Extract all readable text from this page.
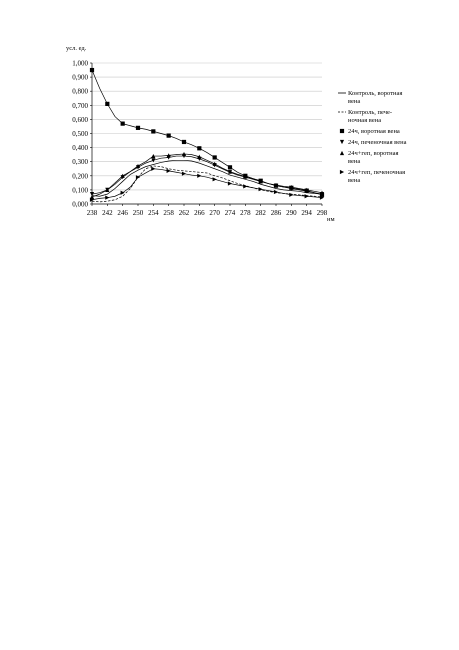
усл. ед.
нм
0,000
0,100
0,200
0,300
0,400
0,500
0,600
0,700
0,800
0,900
1,000
238 242 246 250 254 258 262 266 270 274 278 282 286 290 294 298
Контроль, воротная
вена
Контроль, пече-
ночная вена
24ч, воротная вена
24ч, печеночная вена
24ч+геп, воротная
вена
24ч+геп, печеночная
вена
